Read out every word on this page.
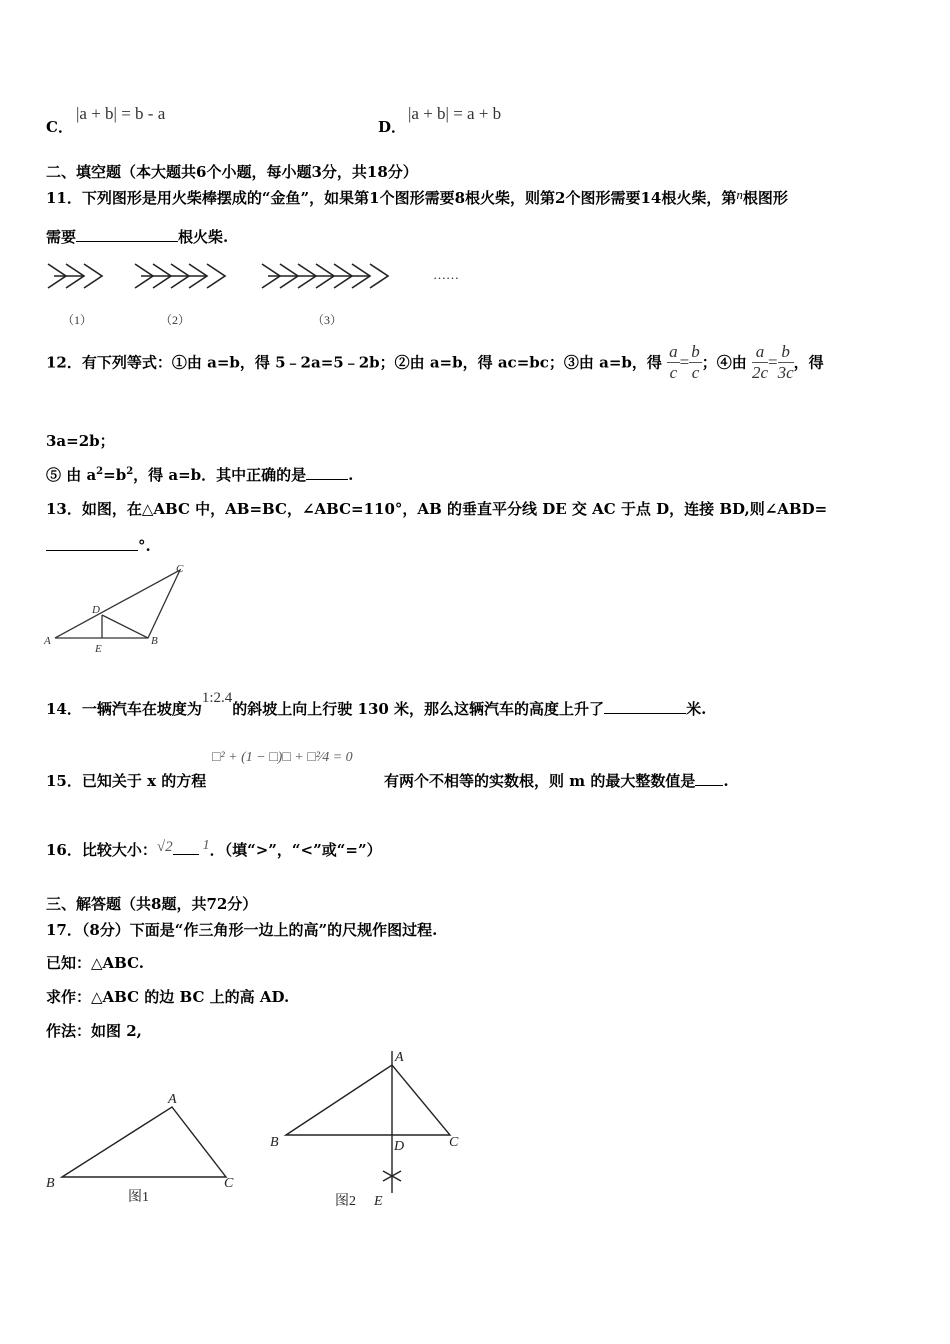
C．
|a + b| = b - a
D．
|a + b| = a + b
二、填空题（本大题共6个小题，每小题3分，共18分）
11．下列图形是用火柴棒摆成的“金鱼”，如果第1个图形需要8根火柴，则第2个图形需要14根火柴，第n根图形
需要	根火柴.
（1）	（2）	（3）
……
12．有下列等式：①由 a=b，得 5﹣2a=5﹣2b；②由 a=b，得 ac=bc；③由 a=b，得 $\frac{a}{c} = \frac{b}{c}$ ；④由 $\frac{a}{2c} = \frac{b}{3c}$ ，得
3a=2b；
⑤ 由 $a^2=b^2$，得 a=b．其中正确的是	.
13．如图，在△ABC 中，AB=BC，∠ABC=110°，AB 的垂直平分线 DE 交 AC 于点 D，连接 BD,则∠ABD=
°.
A	B
C
D
E
14．一辆汽车在坡度为1:2.4的斜坡上向上行驶 130 米，那么这辆汽车的高度上升了	米.
□² + (1 − □)□ + □²⁄4 = 0
15．已知关于 x 的方程	有两个不相等的实数根，则 m 的最大整数值是 .
16．比较大小：√2 1．（填“>”，“<”或“=”）
三、解答题（共8题，共72分）
17．（8分）下面是“作三角形一边上的高”的尺规作图过程.
已知：△ABC.
求作：△ABC 的边 BC 上的高 AD.
作法：如图 2,
A
B	C
图1
A
B	C
D
E
图2
